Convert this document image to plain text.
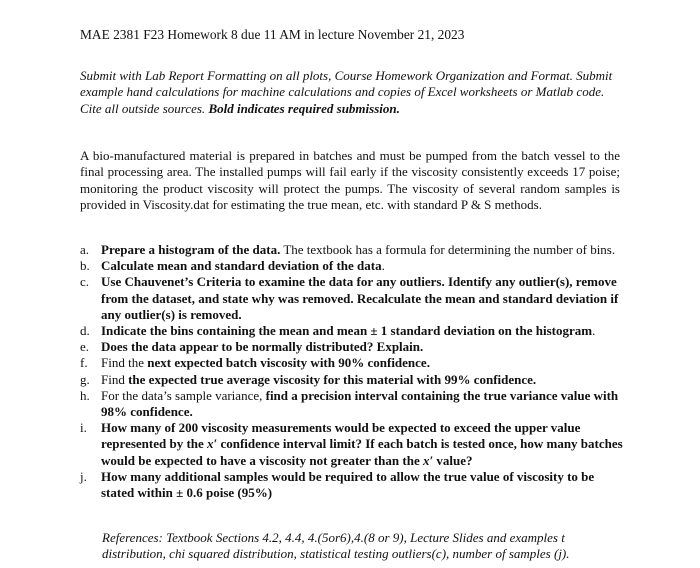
MAE 2381 F23 Homework 8 due 11 AM in lecture November 21, 2023
Submit with Lab Report Formatting on all plots, Course Homework Organization and Format. Submit example hand calculations for machine calculations and copies of Excel worksheets or Matlab code. Cite all outside sources. Bold indicates required submission.
A bio-manufactured material is prepared in batches and must be pumped from the batch vessel to the final processing area. The installed pumps will fail early if the viscosity consistently exceeds 17 poise; monitoring the product viscosity will protect the pumps. The viscosity of several random samples is provided in Viscosity.dat for estimating the true mean, etc. with standard P & S methods.
a. Prepare a histogram of the data. The textbook has a formula for determining the number of bins.
b. Calculate mean and standard deviation of the data.
c. Use Chauvenet’s Criteria to examine the data for any outliers. Identify any outlier(s), remove from the dataset, and state why was removed. Recalculate the mean and standard deviation if any outlier(s) is removed.
d. Indicate the bins containing the mean and mean ± 1 standard deviation on the histogram.
e. Does the data appear to be normally distributed? Explain.
f.	Find the next expected batch viscosity with 90% confidence.
g. Find the expected true average viscosity for this material with 99% confidence.
h. For the data’s sample variance, find a precision interval containing the true variance value with 98% confidence.
i.	How many of 200 viscosity measurements would be expected to exceed the upper value represented by the x′ confidence interval limit? If each batch is tested once, how many batches would be expected to have a viscosity not greater than the x′ value?
j.	How many additional samples would be required to allow the true value of viscosity to be stated within ± 0.6 poise (95%)
References: Textbook Sections 4.2, 4.4, 4.(5or6),4.(8 or 9), Lecture Slides and examples t distribution, chi squared distribution, statistical testing outliers(c), number of samples (j).
